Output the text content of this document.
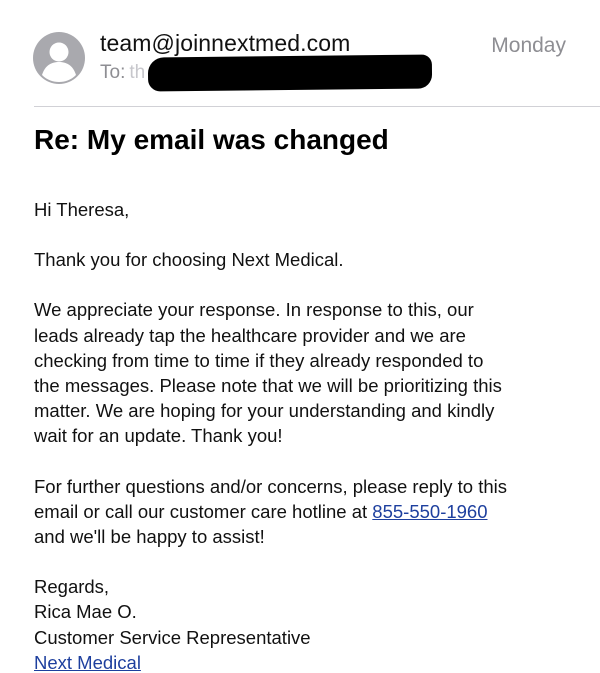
team@joinnextmed.com
To: th
Monday
Re: My email was changed

Hi Theresa,

Thank you for choosing Next Medical.

We appreciate your response. In response to this, our
leads already tap the healthcare provider and we are
checking from time to time if they already responded to
the messages. Please note that we will be prioritizing this
matter. We are hoping for your understanding and kindly
wait for an update. Thank you!

For further questions and/or concerns, please reply to this
email or call our customer care hotline at 855-550-1960
and we'll be happy to assist!

Regards,

Rica Mae O.

Customer Service Representative

Next Medical
